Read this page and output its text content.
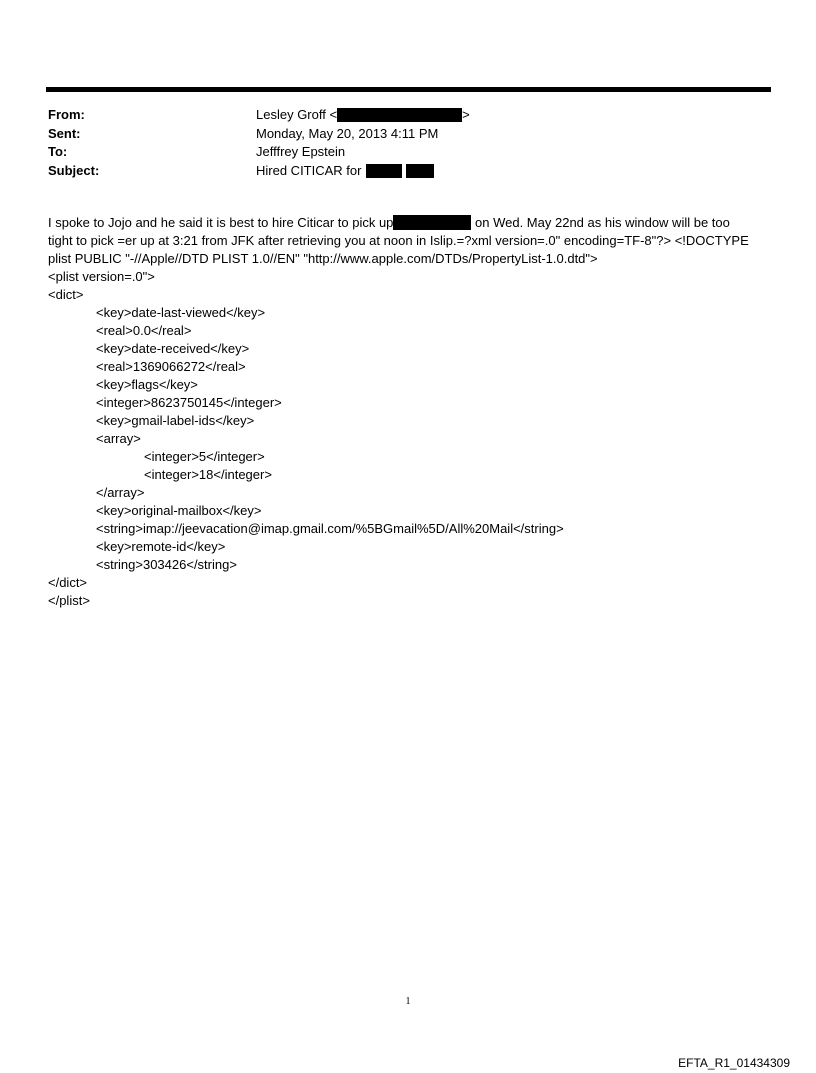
From:	Lesley Groff <	>
Sent:	Monday, May 20, 2013 4:11 PM
To:	Jefffrey Epstein
Subject:	Hired CITICAR for

I spoke to Jojo and he said it is best to hire Citicar to pick up	on Wed. May 22nd as his window will be too

tight to pick =er up at 3:21 from JFK after retrieving you at noon in Islip.=?xml version=.0" encoding=TF-8"?> <!DOCTYPE

plist PUBLIC "-//Apple//DTD PLIST 1.0//EN" "http://www.apple.com/DTDs/PropertyList-1.0.dtd">

<plist version=.0">
<dict>
<key>date-last-viewed</key>
<real>0.0</real>
<key>date-received</key>
<real>1369066272</real>
<key>flags</key>
<integer>8623750145</integer>
<key>gmail-label-ids</key>
<array>
<integer>5</integer>
<integer>18</integer>
</array>
<key>original-mailbox</key>
<string>imap://jeevacation@imap.gmail.com/%5BGmail%5D/All%20Mail</string>
<key>remote-id</key>
<string>303426</string>
</dict>
</plist>
1
EFTA_R1_01434309
